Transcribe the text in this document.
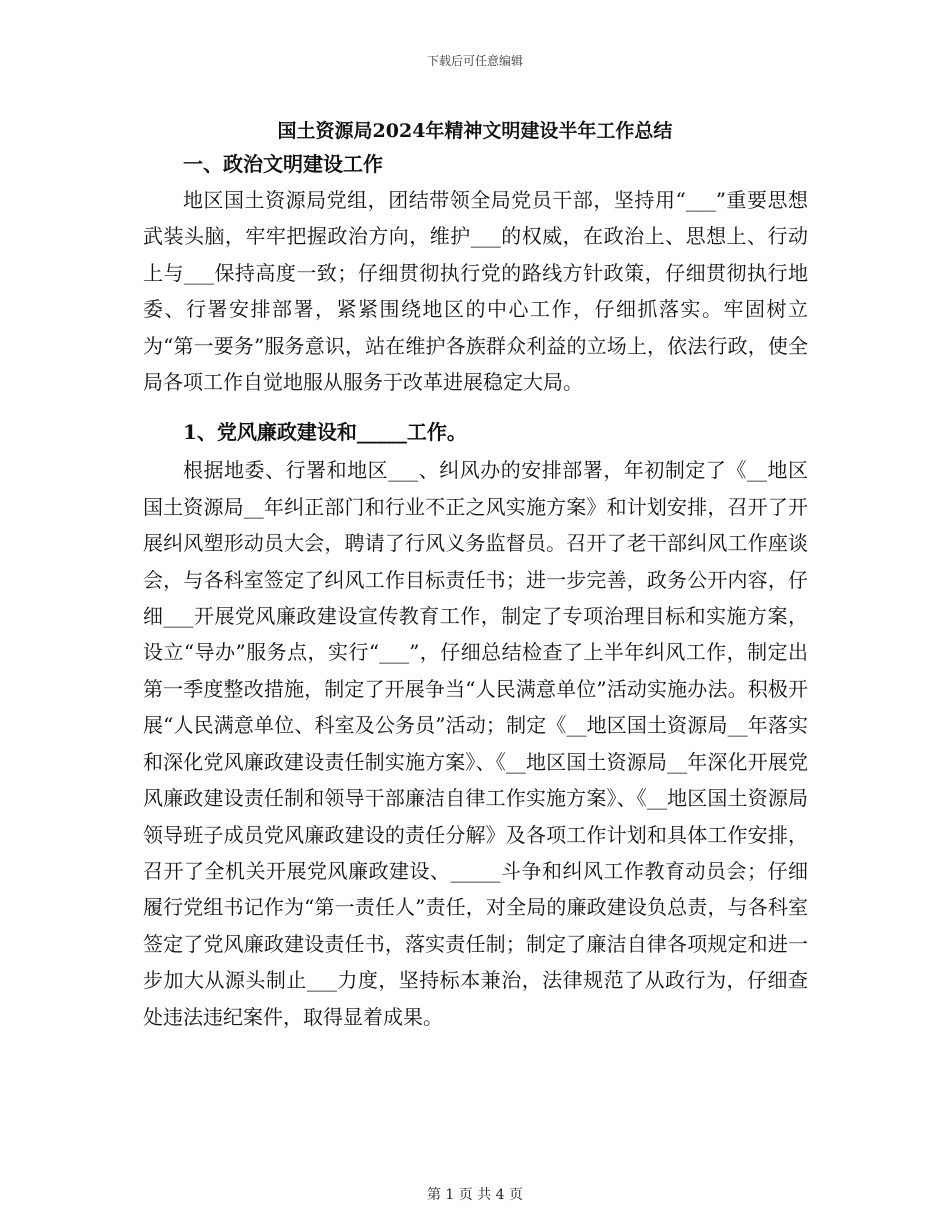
下载后可任意编辑
国土资源局2024年精神文明建设半年工作总结

一、政治文明建设工作

地区国土资源局党组，团结带领全局党员干部，坚持用“___”重要思想武装头脑，牢牢把握政治方向，维护___的权威，在政治上、思想上、行动上与___保持高度一致；仔细贯彻执行党的路线方针政策，仔细贯彻执行地委、行署安排部署，紧紧围绕地区的中心工作，仔细抓落实。牢固树立为“第一要务”服务意识，站在维护各族群众利益的立场上，依法行政，使全局各项工作自觉地服从服务于改革进展稳定大局。

1、党风廉政建设和_____工作。

根据地委、行署和地区___、纠风办的安排部署，年初制定了《__地区国土资源局__年纠正部门和行业不正之风实施方案》和计划安排，召开了开展纠风塑形动员大会，聘请了行风义务监督员。召开了老干部纠风工作座谈会，与各科室签定了纠风工作目标责任书；进一步完善，政务公开内容，仔细___开展党风廉政建设宣传教育工作，制定了专项治理目标和实施方案，设立“导办”服务点，实行“___”，仔细总结检查了上半年纠风工作，制定出第一季度整改措施，制定了开展争当“人民满意单位”活动实施办法。积极开展“人民满意单位、科室及公务员”活动；制定《__地区国土资源局__年落实和深化党风廉政建设责任制实施方案》、《__地区国土资源局__年深化开展党风廉政建设责任制和领导干部廉洁自律工作实施方案》、《__地区国土资源局领导班子成员党风廉政建设的责任分解》及各项工作计划和具体工作安排，召开了全机关开展党风廉政建设、_____斗争和纠风工作教育动员会；仔细履行党组书记作为“第一责任人”责任，对全局的廉政建设负总责，与各科室签定了党风廉政建设责任书，落实责任制；制定了廉洁自律各项规定和进一步加大从源头制止___力度，坚持标本兼治，法律规范了从政行为，仔细查处违法违纪案件，取得显着成果。

第 1 页 共 4 页
